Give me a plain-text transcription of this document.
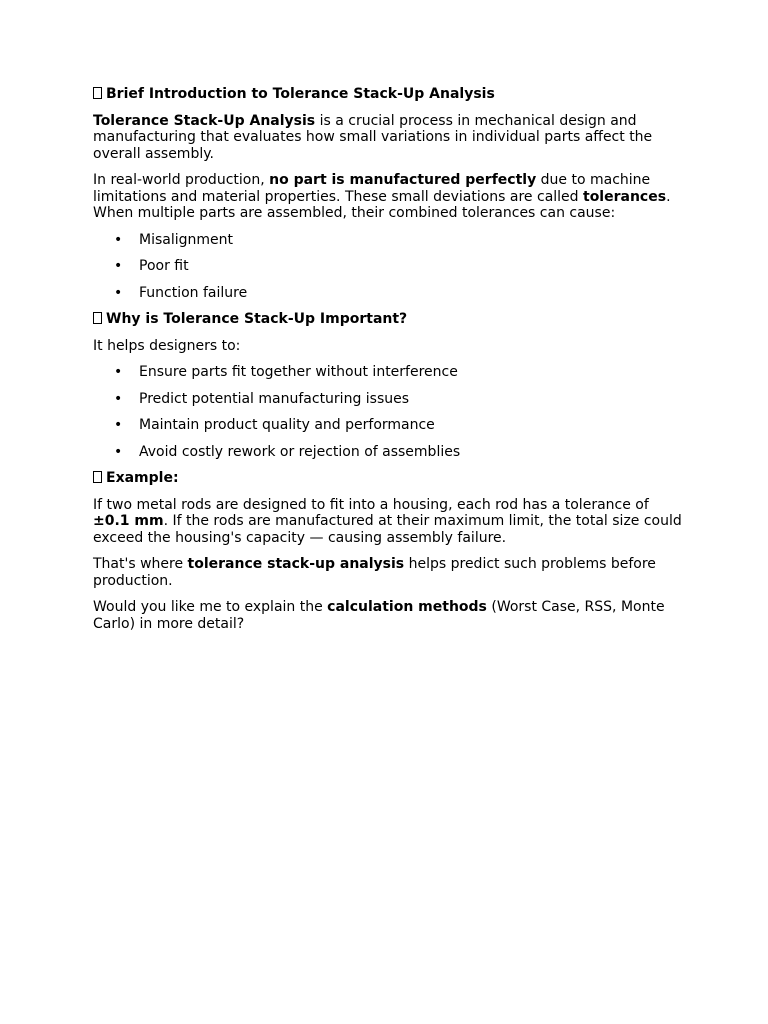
Brief Introduction to Tolerance Stack-Up Analysis

Tolerance Stack-Up Analysis is a crucial process in mechanical design and manufacturing that evaluates how small variations in individual parts affect the overall assembly.

In real-world production, no part is manufactured perfectly due to machine limitations and material properties. These small deviations are called tolerances. When multiple parts are assembled, their combined tolerances can cause:

• Misalignment
• Poor fit
• Function failure

Why is Tolerance Stack-Up Important?

It helps designers to:

• Ensure parts fit together without interference
• Predict potential manufacturing issues
• Maintain product quality and performance
• Avoid costly rework or rejection of assemblies

Example:

If two metal rods are designed to fit into a housing, each rod has a tolerance of ±0.1 mm. If the rods are manufactured at their maximum limit, the total size could exceed the housing's capacity — causing assembly failure.

That's where tolerance stack-up analysis helps predict such problems before production.

Would you like me to explain the calculation methods (Worst Case, RSS, Monte Carlo) in more detail?
